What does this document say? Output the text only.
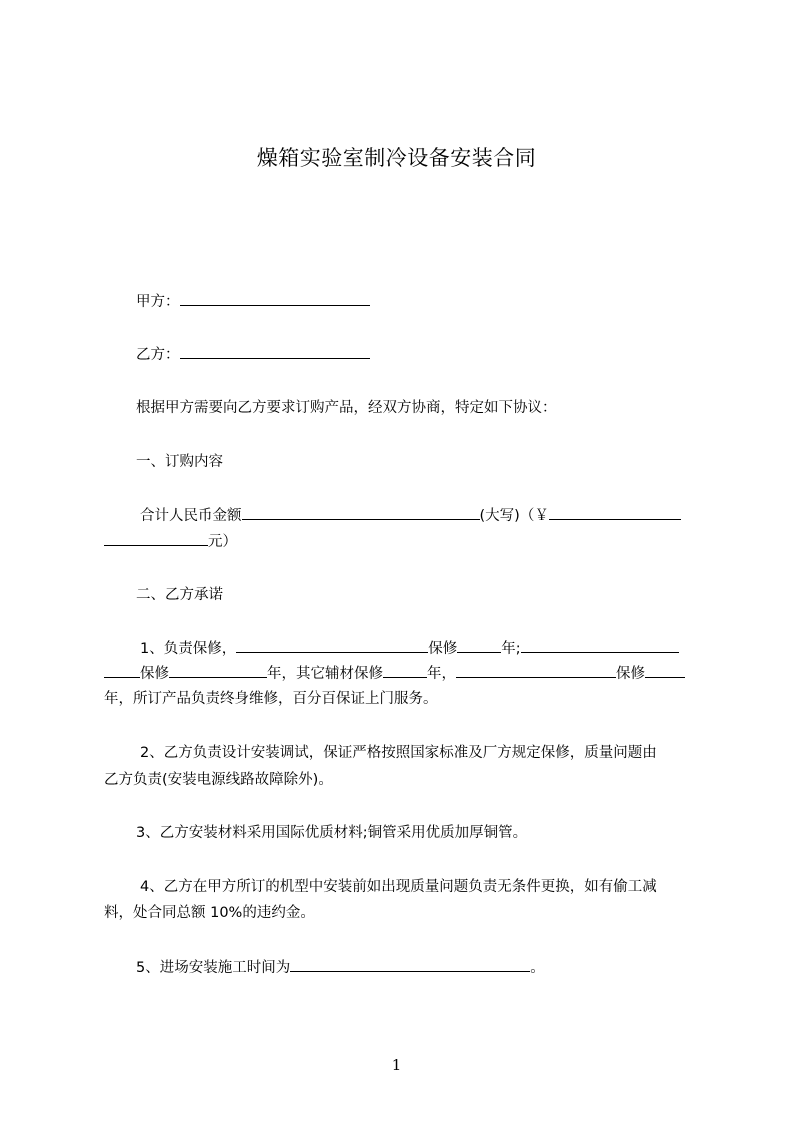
燥箱实验室制冷设备安装合同
甲方：
乙方：
根据甲方需要向乙方要求订购产品，经双方协商，特定如下协议：
一、订购内容
合计人民币金额	(大写)（￥
元）
二、乙方承诺
1、负责保修，	保修	年;
保修	年，其它辅材保修	年，	保修
年，所订产品负责终身维修，百分百保证上门服务。
2、乙方负责设计安装调试，保证严格按照国家标准及厂方规定保修，质量问题由
乙方负责(安装电源线路故障除外)。
3、乙方安装材料采用国际优质材料;铜管采用优质加厚铜管。
4、乙方在甲方所订的机型中安装前如出现质量问题负责无条件更换，如有偷工减
料，处合同总额 10%的违约金。
5、进场安装施工时间为	。
1
